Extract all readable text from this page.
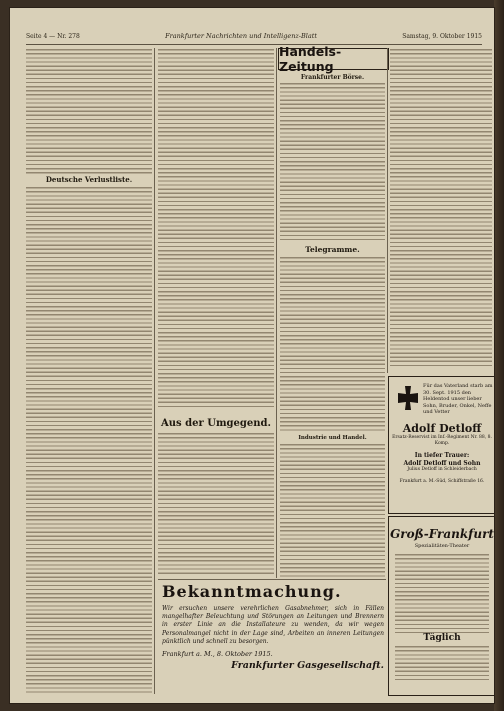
Seite 4 — Nr. 278	Frankfurter Nachrichten und Intelligenz-Blatt	Samstag, 9. Oktober 1915
Deutsche Verlustliste.
Aus der Umgegend.
Handels-Zeitung
Frankfurter Börse.
Telegramme.
Industrie und Handel.
Für das Vaterland starb am 30. Sept. 1915 den Heldentod unser lieber Sohn, Bruder, Onkel, Neffe und Vetter
Adolf Detloff
Ersatz-Reservist im Inf.-Regiment Nr. 88, 8. Komp.
In tiefer Trauer:
Adolf Detloff und Sohn
Julius Detloff in Schleiderbach
Frankfurt a. M.-Süd, Schiffstraße 16.
Groß-Frankfurt
Spezialitäten-Theater
Täglich
Bekanntmachung.
Wir ersuchen unsere verehrlichen Gasabnehmer, sich in Fällen mangelhafter Beleuchtung und Störungen an Leitungen und Brennern in erster Linie an die Installateure zu wenden, da wir wegen Personalmangel nicht in der Lage sind, Arbeiten an inneren Leitungen pünktlich und schnell zu besorgen.
Frankfurt a. M., 8. Oktober 1915.
Frankfurter Gasgesellschaft.
